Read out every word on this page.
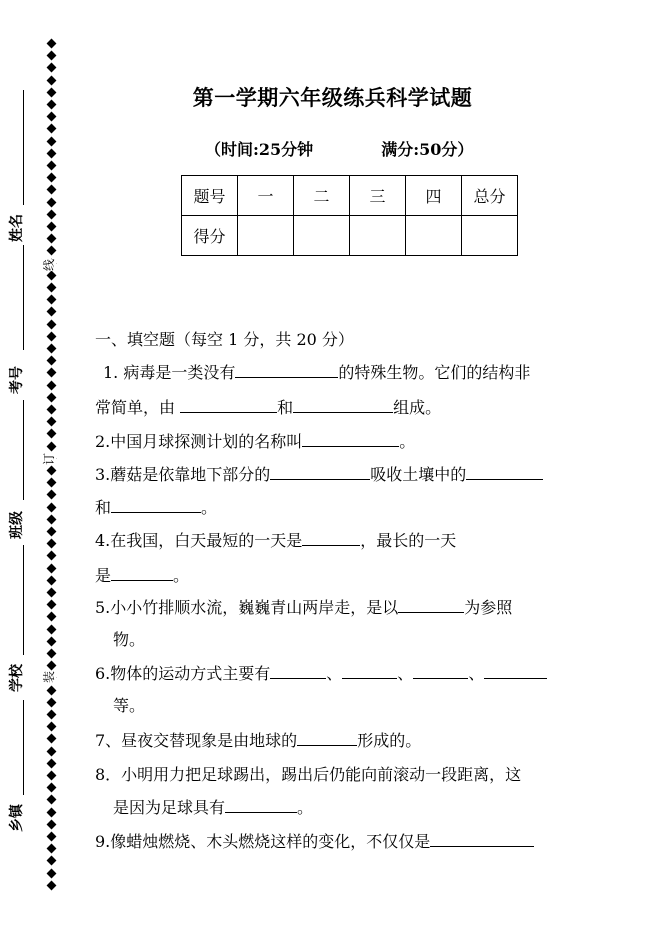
姓名
考号
班级
学校
乡镇
线
订
装
第一学期六年级练兵科学试题
（时间:25分钟	满分:50分）
题号	一	二	三	四	总分
得分					
一、填空题（每空 1 分，共 20 分）
1. 病毒是一类没有	的特殊生物。它们的结构非
常简单，由	和	组成。
2.中国月球探测计划的名称叫	。
3.蘑菇是依靠地下部分的	吸收土壤中的
和	。
4.在我国，白天最短的一天是	，最长的一天
是	。
5.小小竹排顺水流，巍巍青山两岸走，是以	为参照
物。
6.物体的运动方式主要有	、	、	、
等。
7、昼夜交替现象是由地球的	形成的。
8．小明用力把足球踢出，踢出后仍能向前滚动一段距离，这
是因为足球具有	。
9.像蜡烛燃烧、木头燃烧这样的变化，不仅仅是
